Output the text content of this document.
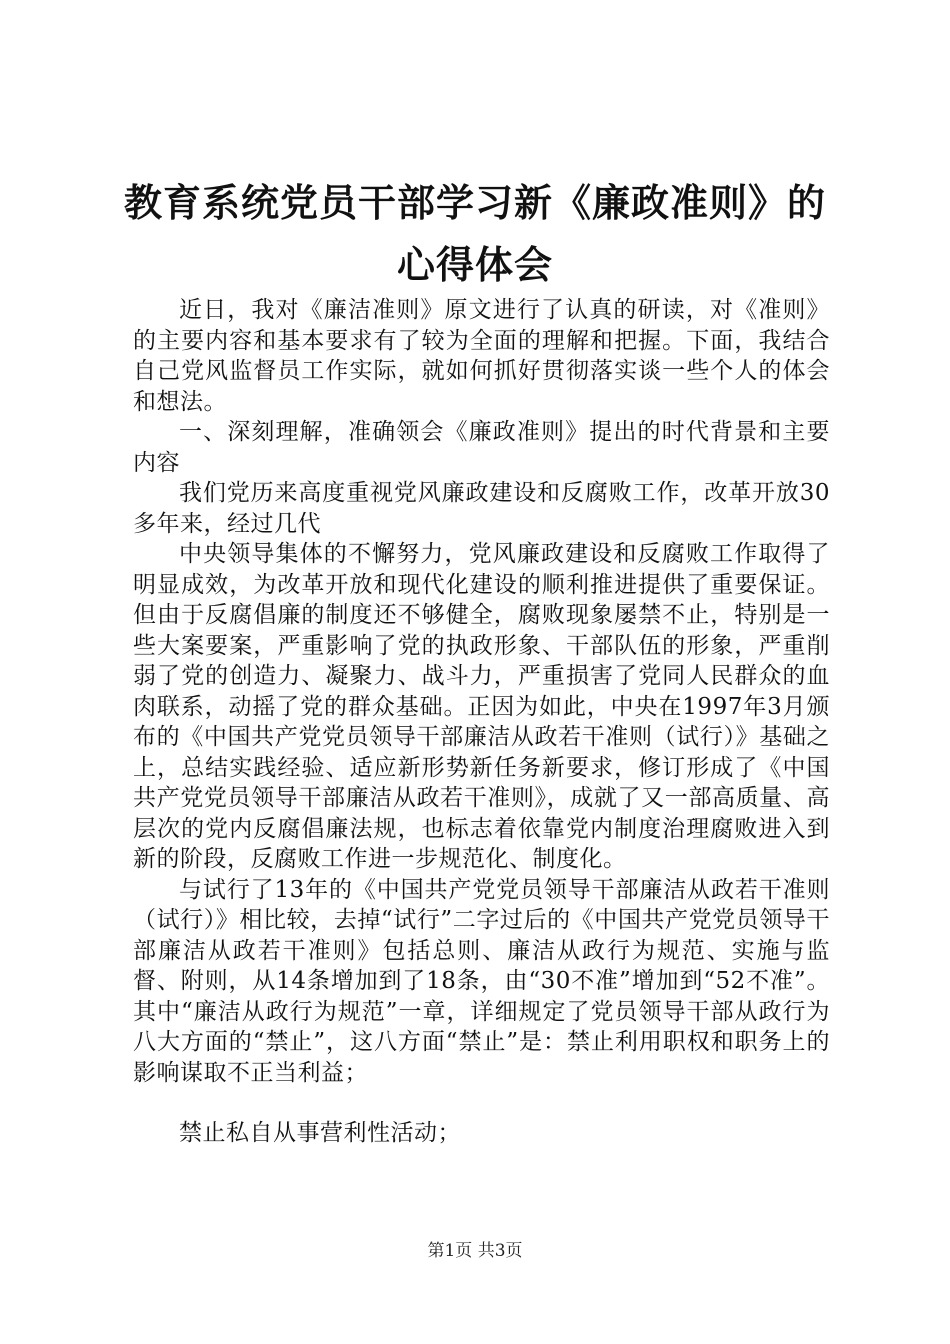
教育系统党员干部学习新《廉政准则》的心得体会

近日，我对《廉洁准则》原文进行了认真的研读，对《准则》的主要内容和基本要求有了较为全面的理解和把握。下面，我结合自己党风监督员工作实际，就如何抓好贯彻落实谈一些个人的体会和想法。

一、深刻理解，准确领会《廉政准则》提出的时代背景和主要内容

我们党历来高度重视党风廉政建设和反腐败工作，改革开放30多年来，经过几代

中央领导集体的不懈努力，党风廉政建设和反腐败工作取得了明显成效，为改革开放和现代化建设的顺利推进提供了重要保证。但由于反腐倡廉的制度还不够健全，腐败现象屡禁不止，特别是一些大案要案，严重影响了党的执政形象、干部队伍的形象，严重削弱了党的创造力、凝聚力、战斗力，严重损害了党同人民群众的血肉联系，动摇了党的群众基础。正因为如此，中央在1997年3月颁布的《中国共产党党员领导干部廉洁从政若干准则（试行）》基础之上，总结实践经验、适应新形势新任务新要求，修订形成了《中国共产党党员领导干部廉洁从政若干准则》，成就了又一部高质量、高层次的党内反腐倡廉法规，也标志着依靠党内制度治理腐败进入到新的阶段，反腐败工作进一步规范化、制度化。

与试行了13年的《中国共产党党员领导干部廉洁从政若干准则（试行）》相比较，去掉“试行”二字过后的《中国共产党党员领导干部廉洁从政若干准则》包括总则、廉洁从政行为规范、实施与监督、附则，从14条增加到了18条，由“30不准”增加到“52不准”。其中“廉洁从政行为规范”一章，详细规定了党员领导干部从政行为八大方面的“禁止”，这八方面“禁止”是：禁止利用职权和职务上的影响谋取不正当利益；

禁止私自从事营利性活动；

第1页 共3页
